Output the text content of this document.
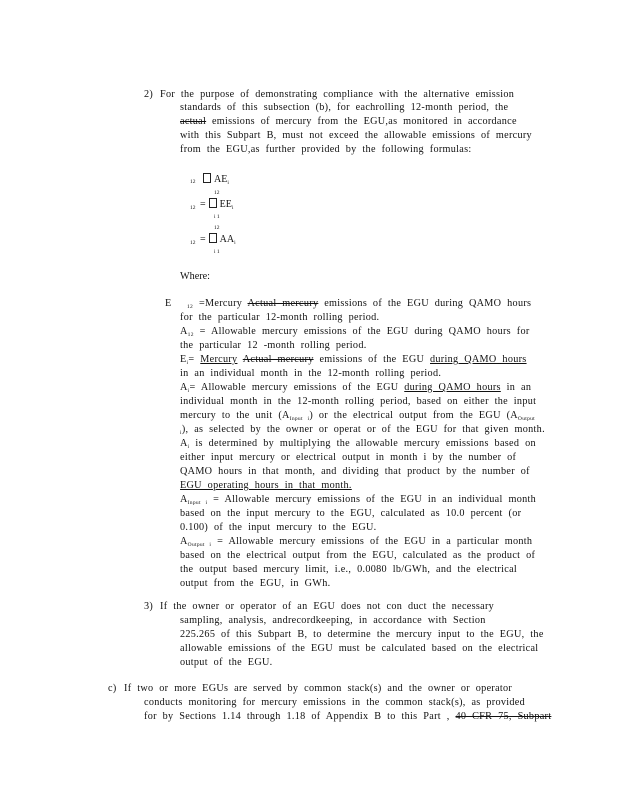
2) For the purpose of demonstrating compliance with the alternative emission
standards of this subsection (b), for eachrolling 12-month period, the
actual emissions of mercury from the EGU,as monitored in accordance
with this Subpart B, must not exceed the allowable emissions of mercury
from the EGU,as further provided by the following formulas:
12	$AE_i$
12
$12 = EE_i$
i 1
12
$12 = AA_i$
i 1
Where:
E	$_{12}$ =Mercury Actual mercury emissions of the EGU during QAMO hours
for the particular 12-month rolling period.
$A_{12}$ = Allowable mercury emissions of the EGU during QAMO hours for
the particular 12 -month rolling period.
$E_i=$ Mercury Actual mercury emissions of the EGU during QAMO hours
in an individual month in the 12-month rolling period.
$A_i=$ Allowable mercury emissions of the EGU during QAMO hours in an
individual month in the 12-month rolling period, based on either the input
mercury to the unit $(A_{Input i})$ or the electrical output from the EGU ($A_{Output}$
$_i$), as selected by the owner or operat or of the EGU for that given month.
$A_i$ is determined by multiplying the allowable mercury emissions based on
either input mercury or electrical output in month i by the number of
QAMO hours in that month, and dividing that product by the number of
EGU operating hours in that month.
$A_{Input i}$ = Allowable mercury emissions of the EGU in an individual month
based on the input mercury to the EGU, calculated as 10.0 percent (or
0.100) of the input mercury to the EGU.
$A_{Output i}$ = Allowable mercury emissions of the EGU in a particular month
based on the electrical output from the EGU, calculated as the product of
the output based mercury limit, i.e., 0.0080 lb/GWh, and the electrical
output from the EGU, in GWh.
3) If the owner or operator of an EGU does not con duct the necessary
sampling, analysis, andrecordkeeping, in accordance with Section
225.265 of this Subpart B, to determine the mercury input to the EGU, the
allowable emissions of the EGU must be calculated based on the electrical
output of the EGU.
c) If two or more EGUs are served by common stack(s) and the owner or operator
conducts monitoring for mercury emissions in the common stack(s), as provided
for by Sections 1.14 through 1.18 of Appendix B to this Part , 40 CFR 75, Subpart
